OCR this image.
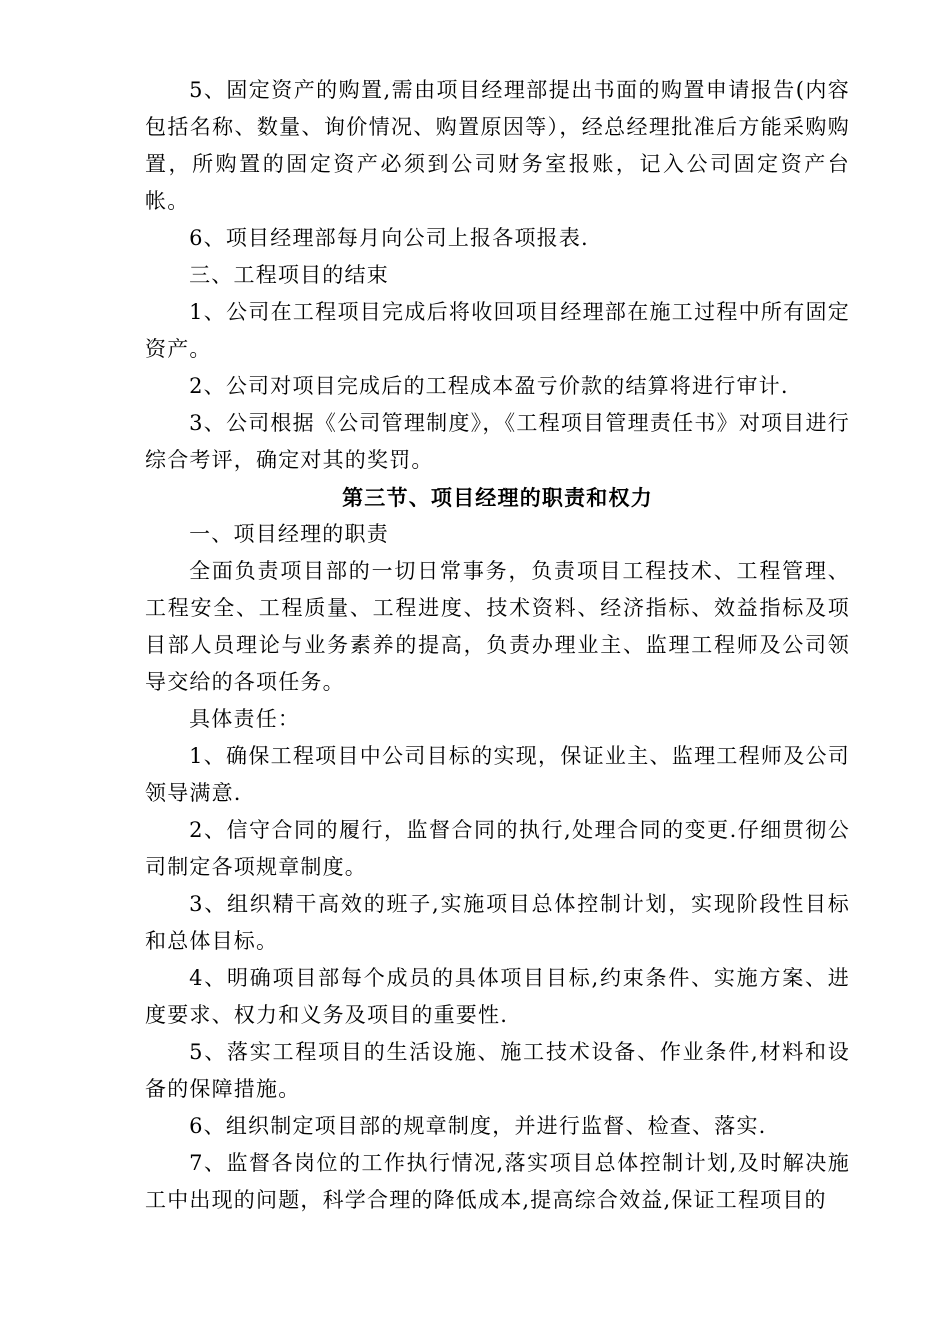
5、固定资产的购置,需由项目经理部提出书面的购置申请报告(内容包括名称、数量、询价情况、购置原因等），经总经理批准后方能采购购置，所购置的固定资产必须到公司财务室报账，记入公司固定资产台帐。

6、项目经理部每月向公司上报各项报表.

三、工程项目的结束

1、公司在工程项目完成后将收回项目经理部在施工过程中所有固定资产。

2、公司对项目完成后的工程成本盈亏价款的结算将进行审计.

3、公司根据《公司管理制度》，《工程项目管理责任书》对项目进行综合考评，确定对其的奖罚。

第三节、项目经理的职责和权力

一、项目经理的职责

全面负责项目部的一切日常事务，负责项目工程技术、工程管理、工程安全、工程质量、工程进度、技术资料、经济指标、效益指标及项目部人员理论与业务素养的提高，负责办理业主、监理工程师及公司领导交给的各项任务。

具体责任：

1、确保工程项目中公司目标的实现，保证业主、监理工程师及公司领导满意.

2、信守合同的履行，监督合同的执行,处理合同的变更.仔细贯彻公司制定各项规章制度。

3、组织精干高效的班子,实施项目总体控制计划，实现阶段性目标和总体目标。

4、明确项目部每个成员的具体项目目标,约束条件、实施方案、进度要求、权力和义务及项目的重要性.

5、落实工程项目的生活设施、施工技术设备、作业条件,材料和设备的保障措施。

6、组织制定项目部的规章制度，并进行监督、检查、落实.

7、监督各岗位的工作执行情况,落实项目总体控制计划,及时解决施工中出现的问题，科学合理的降低成本,提高综合效益,保证工程项目的
